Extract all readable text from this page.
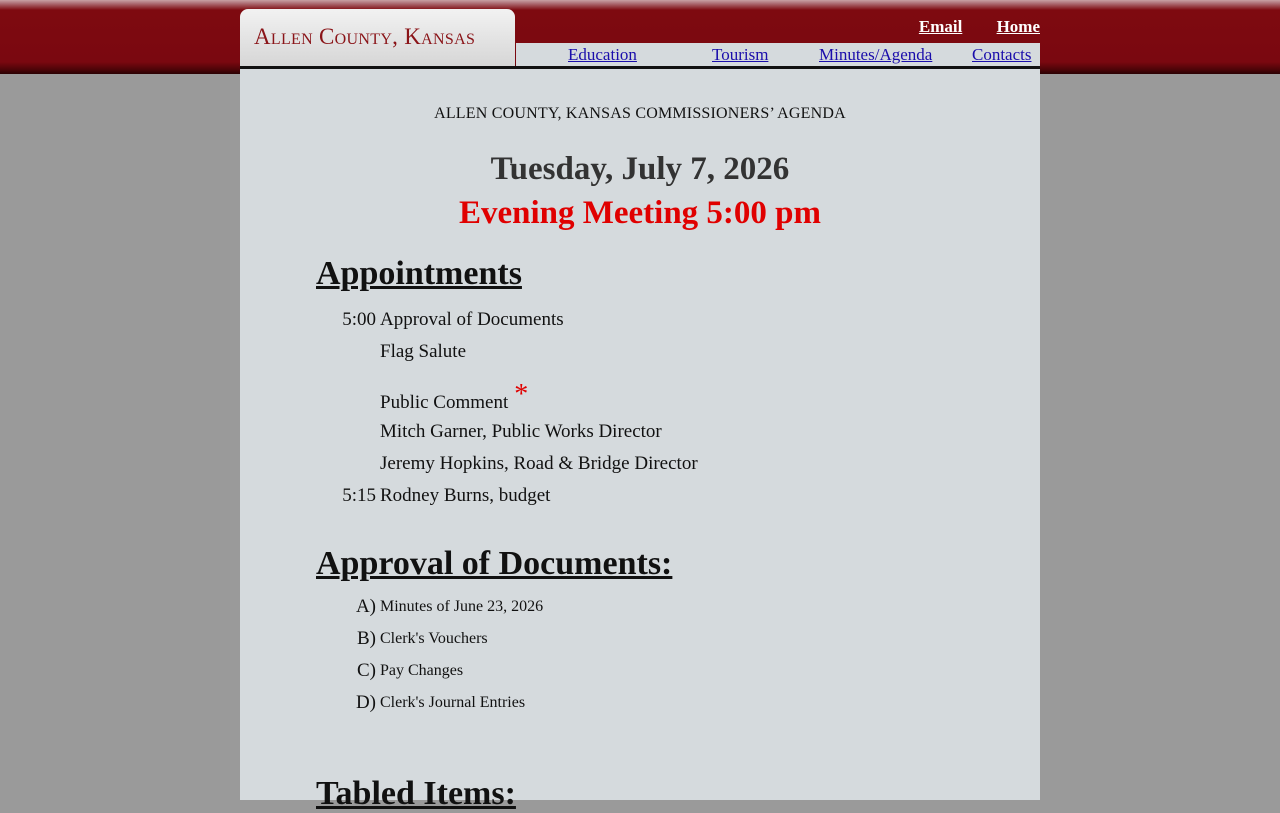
ALLEN COUNTY, KANSAS COMMISSIONERS’ AGENDA
Tuesday, July 7, 2026
Evening Meeting 5:00 pm
Appointments
5:00 Approval of Documents
Flag Salute
Public Comment *
Mitch Garner, Public Works Director
Jeremy Hopkins, Road & Bridge Director
5:15 Rodney Burns, budget
Approval of Documents:
A) Minutes of June 23, 2026
B) Clerk's Vouchers
C) Pay Changes
D) Clerk's Journal Entries
Tabled Items:
Allen County, Kansas	Email Home
Education	Tourism	Minutes/Agenda Contacts
